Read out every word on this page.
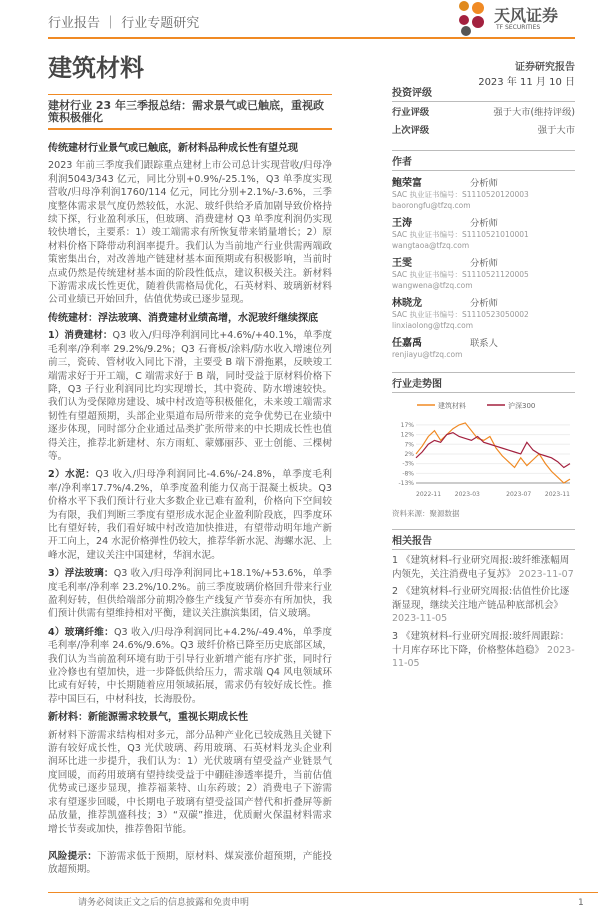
行业报告 ｜ 行业专题研究	天风证券
TF SECURITIES
建筑材料	证券研究报告
2023 年 11 月 10 日
建材行业 23 年三季报总结：需求景气或已触底，重视政策积极催化
传统建材行业景气或已触底，新材料品种成长性有望兑现

2023 年前三季度我们跟踪重点建材上市公司总计实现营收/归母净利润5043/343 亿元，同比分别+0.9%/-25.1%，Q3 单季度实现营收/归母净利润1760/114 亿元，同比分别+2.1%/-3.6%，三季度整体需求景气度仍然较低，水泥、玻纤供给矛盾加剧导致价格持续下探，行业盈利承压，但玻璃、消费建材 Q3 单季度利润仍实现较快增长，主要系：1）竣工端需求有所恢复带来销量增长；2）原材料价格下降带动利润率提升。我们认为当前地产行业供需两端政策密集出台，对改善地产链建材基本面预期或有积极影响，当前时点或仍然是传统建材基本面的阶段性低点，建议积极关注。新材料下游需求成长性更优，随着供需格局优化，石英材料、玻璃新材料公司业绩已开始回升，估值优势或已逐步显现。

传统建材：浮法玻璃、消费建材业绩高增，水泥玻纤继续探底

1）消费建材：Q3 收入/归母净利润同比+4.6%/+40.1%，单季度毛利率/净利率 29.2%/9.2%；Q3 石膏板/涂料/防水收入增速位列前三，瓷砖、管材收入同比下滑，主要受 B 端下滑拖累，反映竣工端需求好于开工端，C 端需求好于 B 端，同时受益于原材料价格下降，Q3 子行业利润同比均实现增长，其中瓷砖、防水增速较快。我们认为受保障房建设、城中村改造等积极催化，未来竣工端需求韧性有望超预期，头部企业渠道布局所带来的竞争优势已在业绩中逐步体现，同时部分企业通过品类扩张所带来的中长期成长性也值得关注，推荐北新建材、东方雨虹、蒙娜丽莎、亚士创能、三棵树等。

2）水泥：Q3 收入/归母净利润同比-4.6%/-24.8%，单季度毛利率/净利率17.7%/4.2%，单季度盈利能力仅高于混凝土板块。Q3 价格水平下我们预计行业大多数企业已难有盈利，价格向下空间较为有限，我们判断三季度有望形成水泥企业盈利阶段底，四季度环比有望好转，我们看好城中村改造加快推进，有望带动明年地产新开工向上，24 水泥价格弹性仍较大，推荐华新水泥、海螺水泥、上峰水泥，建议关注中国建材，华润水泥。

3）浮法玻璃：Q3 收入/归母净利润同比+18.1%/+53.6%，单季度毛利率/净利率 23.2%/10.2%。前三季度玻璃价格回升带来行业盈利好转，但供给端部分前期冷修生产线复产节奏亦有所加快，我们预计供需有望维持相对平衡，建议关注旗滨集团，信义玻璃。

4）玻璃纤维：Q3 收入/归母净利润同比+4.2%/-49.4%，单季度毛利率/净利率 24.6%/9.6%。Q3 玻纤价格已降至历史底部区域，我们认为当前盈利环境有助于引导行业新增产能有序扩张，同时行业冷修也有望加快，进一步降低供给压力，需求端 Q4 风电领域环比或有好转，中长期随着应用领域拓展，需求仍有较好成长性。推荐中国巨石，中材科技，长海股份。

新材料：新能源需求较景气，重视长期成长性

新材料下游需求结构相对多元，部分品种产业化已较成熟且关键下游有较好成长性，Q3 光伏玻璃、药用玻璃、石英材料龙头企业利润环比进一步提升，我们认为：1）光伏玻璃有望受益产业链景气度回暖，而药用玻璃有望持续受益于中硼硅渗透率提升，当前估值优势或已逐步显现，推荐福莱特、山东药玻；2）消费电子下游需求有望逐步回暖，中长期电子玻璃有望受益国产替代和折叠屏等新品放量，推荐凯盛科技；3）“双碳”推进，优质耐火保温材料需求增长节奏或加快，推荐鲁阳节能。

风险提示：下游需求低于预期，原材料、煤炭涨价超预期，产能投放超预期。

投资评级
行业评级	强于大市(维持评级)
上次评级	强于大市
作者
鲍荣富	分析师
SAC 执业证书编号：S1110520120003
baorongfu@tfzq.com
王涛	分析师
SAC 执业证书编号：S1110521010001
wangtaoa@tfzq.com
王雯	分析师
SAC 执业证书编号：S1110521120005
wangwena@tfzq.com
林晓龙	分析师
SAC 执业证书编号：S1110523050002
linxiaolong@tfzq.com
任嘉禹	联系人
renjiayu@tfzq.com
行业走势图
建筑材料	沪深300
17%
12%
7%
2%
-3%
-8%
-13%
2022-11 2023-03	2023-07 2023-11
资料来源：聚源数据
相关报告
1 《建筑材料-行业研究周报:玻纤维涨幅周内领先，关注消费电子复苏》 2023-11-07
2 《建筑材料-行业研究周报:估值性价比逐渐显现，继续关注地产链品种底部机会》 2023-11-05
3 《建筑材料-行业研究周报:玻纤周跟踪：十月库存环比下降，价格整体趋稳》 2023-11-05
请务必阅读正文之后的信息披露和免责申明	1
